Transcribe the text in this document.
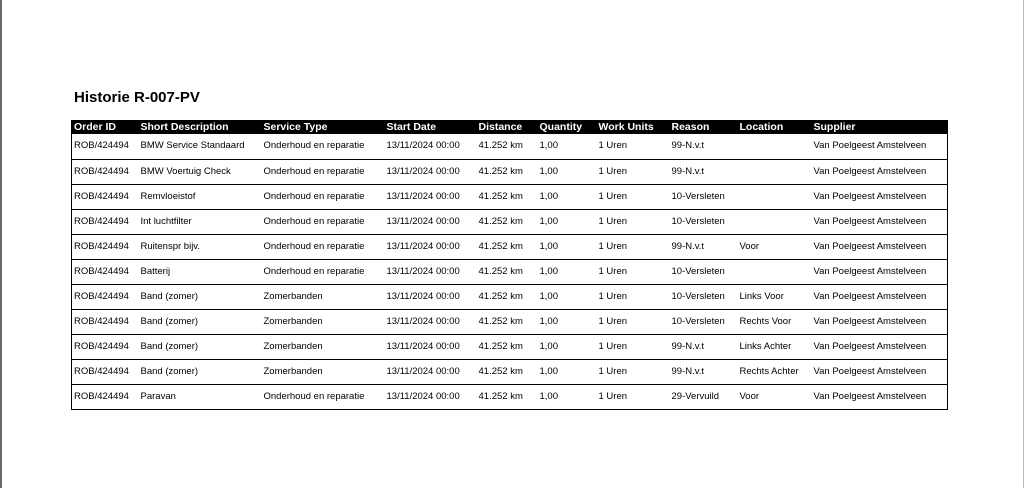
Historie R-007-PV
Order ID	Short Description	Service Type	Start Date	Distance	Quantity	Work Units	Reason	Location	Supplier
ROB/424494	BMW Service Standaard	Onderhoud en reparatie	13/11/2024 00:00	41.252 km	1,00	1 Uren	99-N.v.t		Van Poelgeest Amstelveen
ROB/424494	BMW Voertuig Check	Onderhoud en reparatie	13/11/2024 00:00	41.252 km	1,00	1 Uren	99-N.v.t		Van Poelgeest Amstelveen
ROB/424494	Remvloeistof	Onderhoud en reparatie	13/11/2024 00:00	41.252 km	1,00	1 Uren	10-Versleten		Van Poelgeest Amstelveen
ROB/424494	Int luchtfilter	Onderhoud en reparatie	13/11/2024 00:00	41.252 km	1,00	1 Uren	10-Versleten		Van Poelgeest Amstelveen
ROB/424494	Ruitenspr bijv.	Onderhoud en reparatie	13/11/2024 00:00	41.252 km	1,00	1 Uren	99-N.v.t	Voor	Van Poelgeest Amstelveen
ROB/424494	Batterij	Onderhoud en reparatie	13/11/2024 00:00	41.252 km	1,00	1 Uren	10-Versleten		Van Poelgeest Amstelveen
ROB/424494	Band (zomer)	Zomerbanden	13/11/2024 00:00	41.252 km	1,00	1 Uren	10-Versleten	Links Voor	Van Poelgeest Amstelveen
ROB/424494	Band (zomer)	Zomerbanden	13/11/2024 00:00	41.252 km	1,00	1 Uren	10-Versleten	Rechts Voor	Van Poelgeest Amstelveen
ROB/424494	Band (zomer)	Zomerbanden	13/11/2024 00:00	41.252 km	1,00	1 Uren	99-N.v.t	Links Achter	Van Poelgeest Amstelveen
ROB/424494	Band (zomer)	Zomerbanden	13/11/2024 00:00	41.252 km	1,00	1 Uren	99-N.v.t	Rechts Achter	Van Poelgeest Amstelveen
ROB/424494	Paravan	Onderhoud en reparatie	13/11/2024 00:00	41.252 km	1,00	1 Uren	29-Vervuild	Voor	Van Poelgeest Amstelveen
